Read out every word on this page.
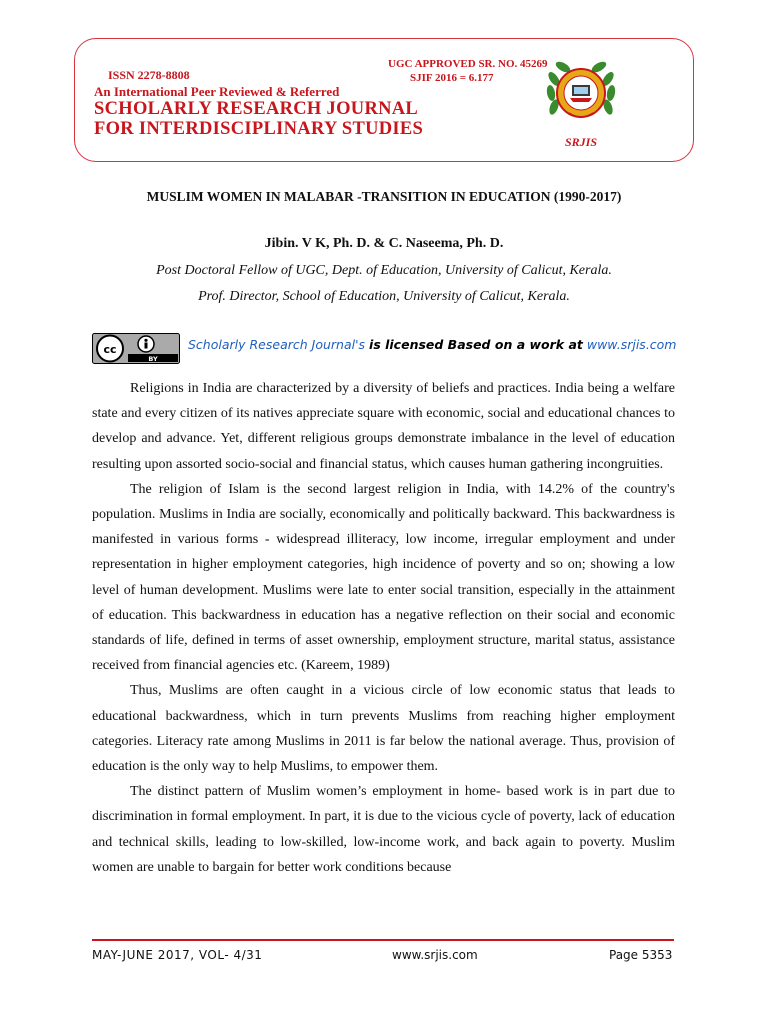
ISSN 2278-8808
An International Peer Reviewed & Referred
SCHOLARLY RESEARCH JOURNAL
FOR INTERDISCIPLINARY STUDIES
UGC APPROVED SR. NO. 45269
SJIF 2016 = 6.177
SRJIS
MUSLIM WOMEN IN MALABAR -TRANSITION IN EDUCATION (1990-2017)
Jibin. V K, Ph. D. & C. Naseema, Ph. D.
Post Doctoral Fellow of UGC, Dept. of Education, University of Calicut, Kerala.
Prof. Director, School of Education, University of Calicut, Kerala.
cc
BY
Scholarly Research Journal's is licensed Based on a work at www.srjis.com

Religions in India are characterized by a diversity of beliefs and practices. India being a welfare state and every citizen of its natives appreciate square with economic, social and educational chances to develop and advance. Yet, different religious groups demonstrate imbalance in the level of education resulting upon assorted socio-social and financial status, which causes human gathering incongruities.

The religion of Islam is the second largest religion in India, with 14.2% of the country's population. Muslims in India are socially, economically and politically backward. This backwardness is manifested in various forms - widespread illiteracy, low income, irregular employment and under representation in higher employment categories, high incidence of poverty and so on; showing a low level of human development. Muslims were late to enter social transition, especially in the attainment of education. This backwardness in education has a negative reflection on their social and economic standards of life, defined in terms of asset ownership, employment structure, marital status, assistance received from financial agencies etc. (Kareem, 1989)

Thus, Muslims are often caught in a vicious circle of low economic status that leads to educational backwardness, which in turn prevents Muslims from reaching higher employment categories. Literacy rate among Muslims in 2011 is far below the national average. Thus, provision of education is the only way to help Muslims, to empower them.

The distinct pattern of Muslim women’s employment in home- based work is in part due to discrimination in formal employment. In part, it is due to the vicious cycle of poverty, lack of education and technical skills, leading to low-skilled, low-income work, and back again to poverty. Muslim women are unable to bargain for better work conditions because

MAY-JUNE 2017, VOL- 4/31	www.srjis.com	Page 5353
